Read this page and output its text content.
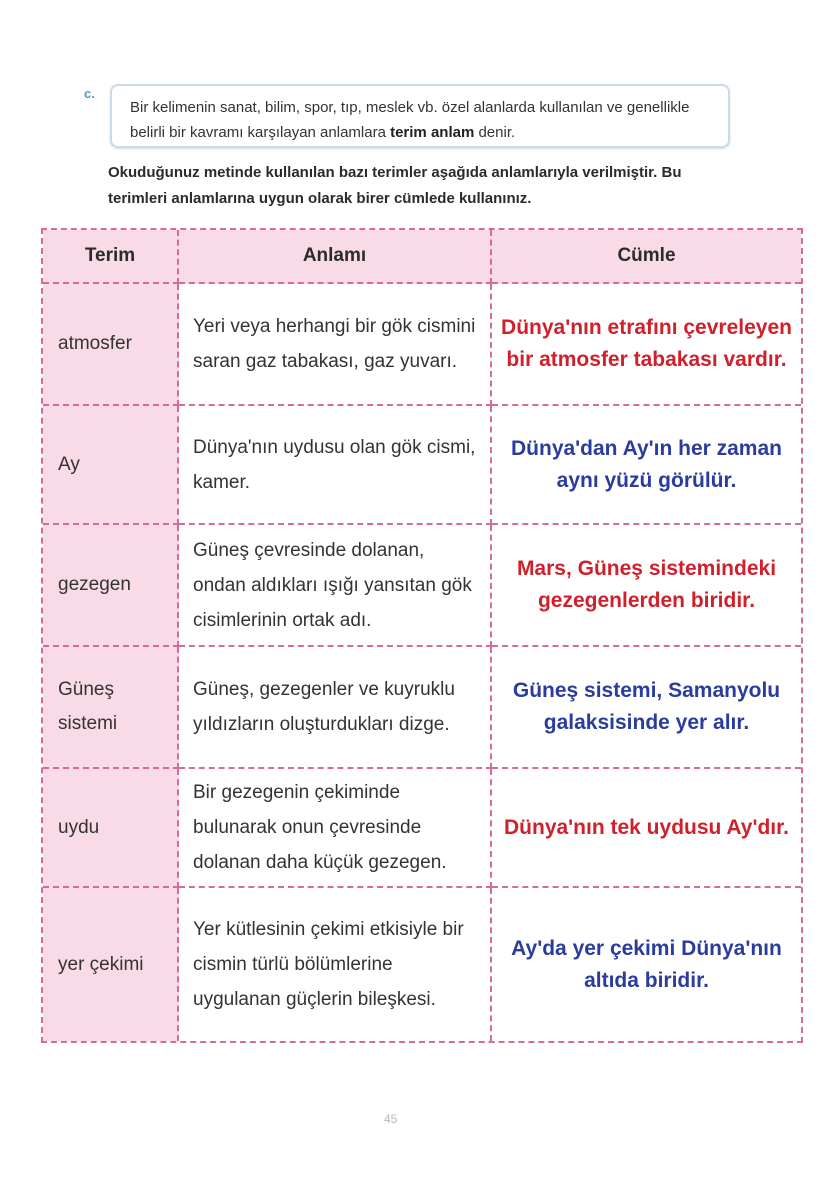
c.
Bir kelimenin sanat, bilim, spor, tıp, meslek vb. özel alanlarda kullanılan ve genellikle belirli bir kavramı karşılayan anlamlara terim anlam denir.
Okuduğunuz metinde kullanılan bazı terimler aşağıda anlamlarıyla verilmiştir. Bu terimleri anlamlarına uygun olarak birer cümlede kullanınız.
Terim	Anlamı	Cümle
atmosfer
Yeri veya herhangi bir gök cismini saran gaz tabakası, gaz yuvarı.
Dünya'nın etrafını çevreleyen bir atmosfer tabakası vardır.
Ay
Dünya'nın uydusu olan gök cismi, kamer.
Dünya'dan Ay'ın her zaman aynı yüzü görülür.
gezegen
Güneş çevresinde dolanan, ondan aldıkları ışığı yansıtan gök cisimlerinin ortak adı.
Mars, Güneş sistemindeki gezegenlerden biridir.
Güneş sistemi
Güneş, gezegenler ve kuyruklu yıldızların oluşturdukları dizge.
Güneş sistemi, Samanyolu galaksisinde yer alır.
uydu
Bir gezegenin çekiminde bulunarak onun çevresinde dolanan daha küçük gezegen.
Dünya'nın tek uydusu Ay'dır.
yer çekimi
Yer kütlesinin çekimi etkisiyle bir cismin türlü bölümlerine uygulanan güçlerin bileşkesi.
Ay'da yer çekimi Dünya'nın altıda biridir.
45
